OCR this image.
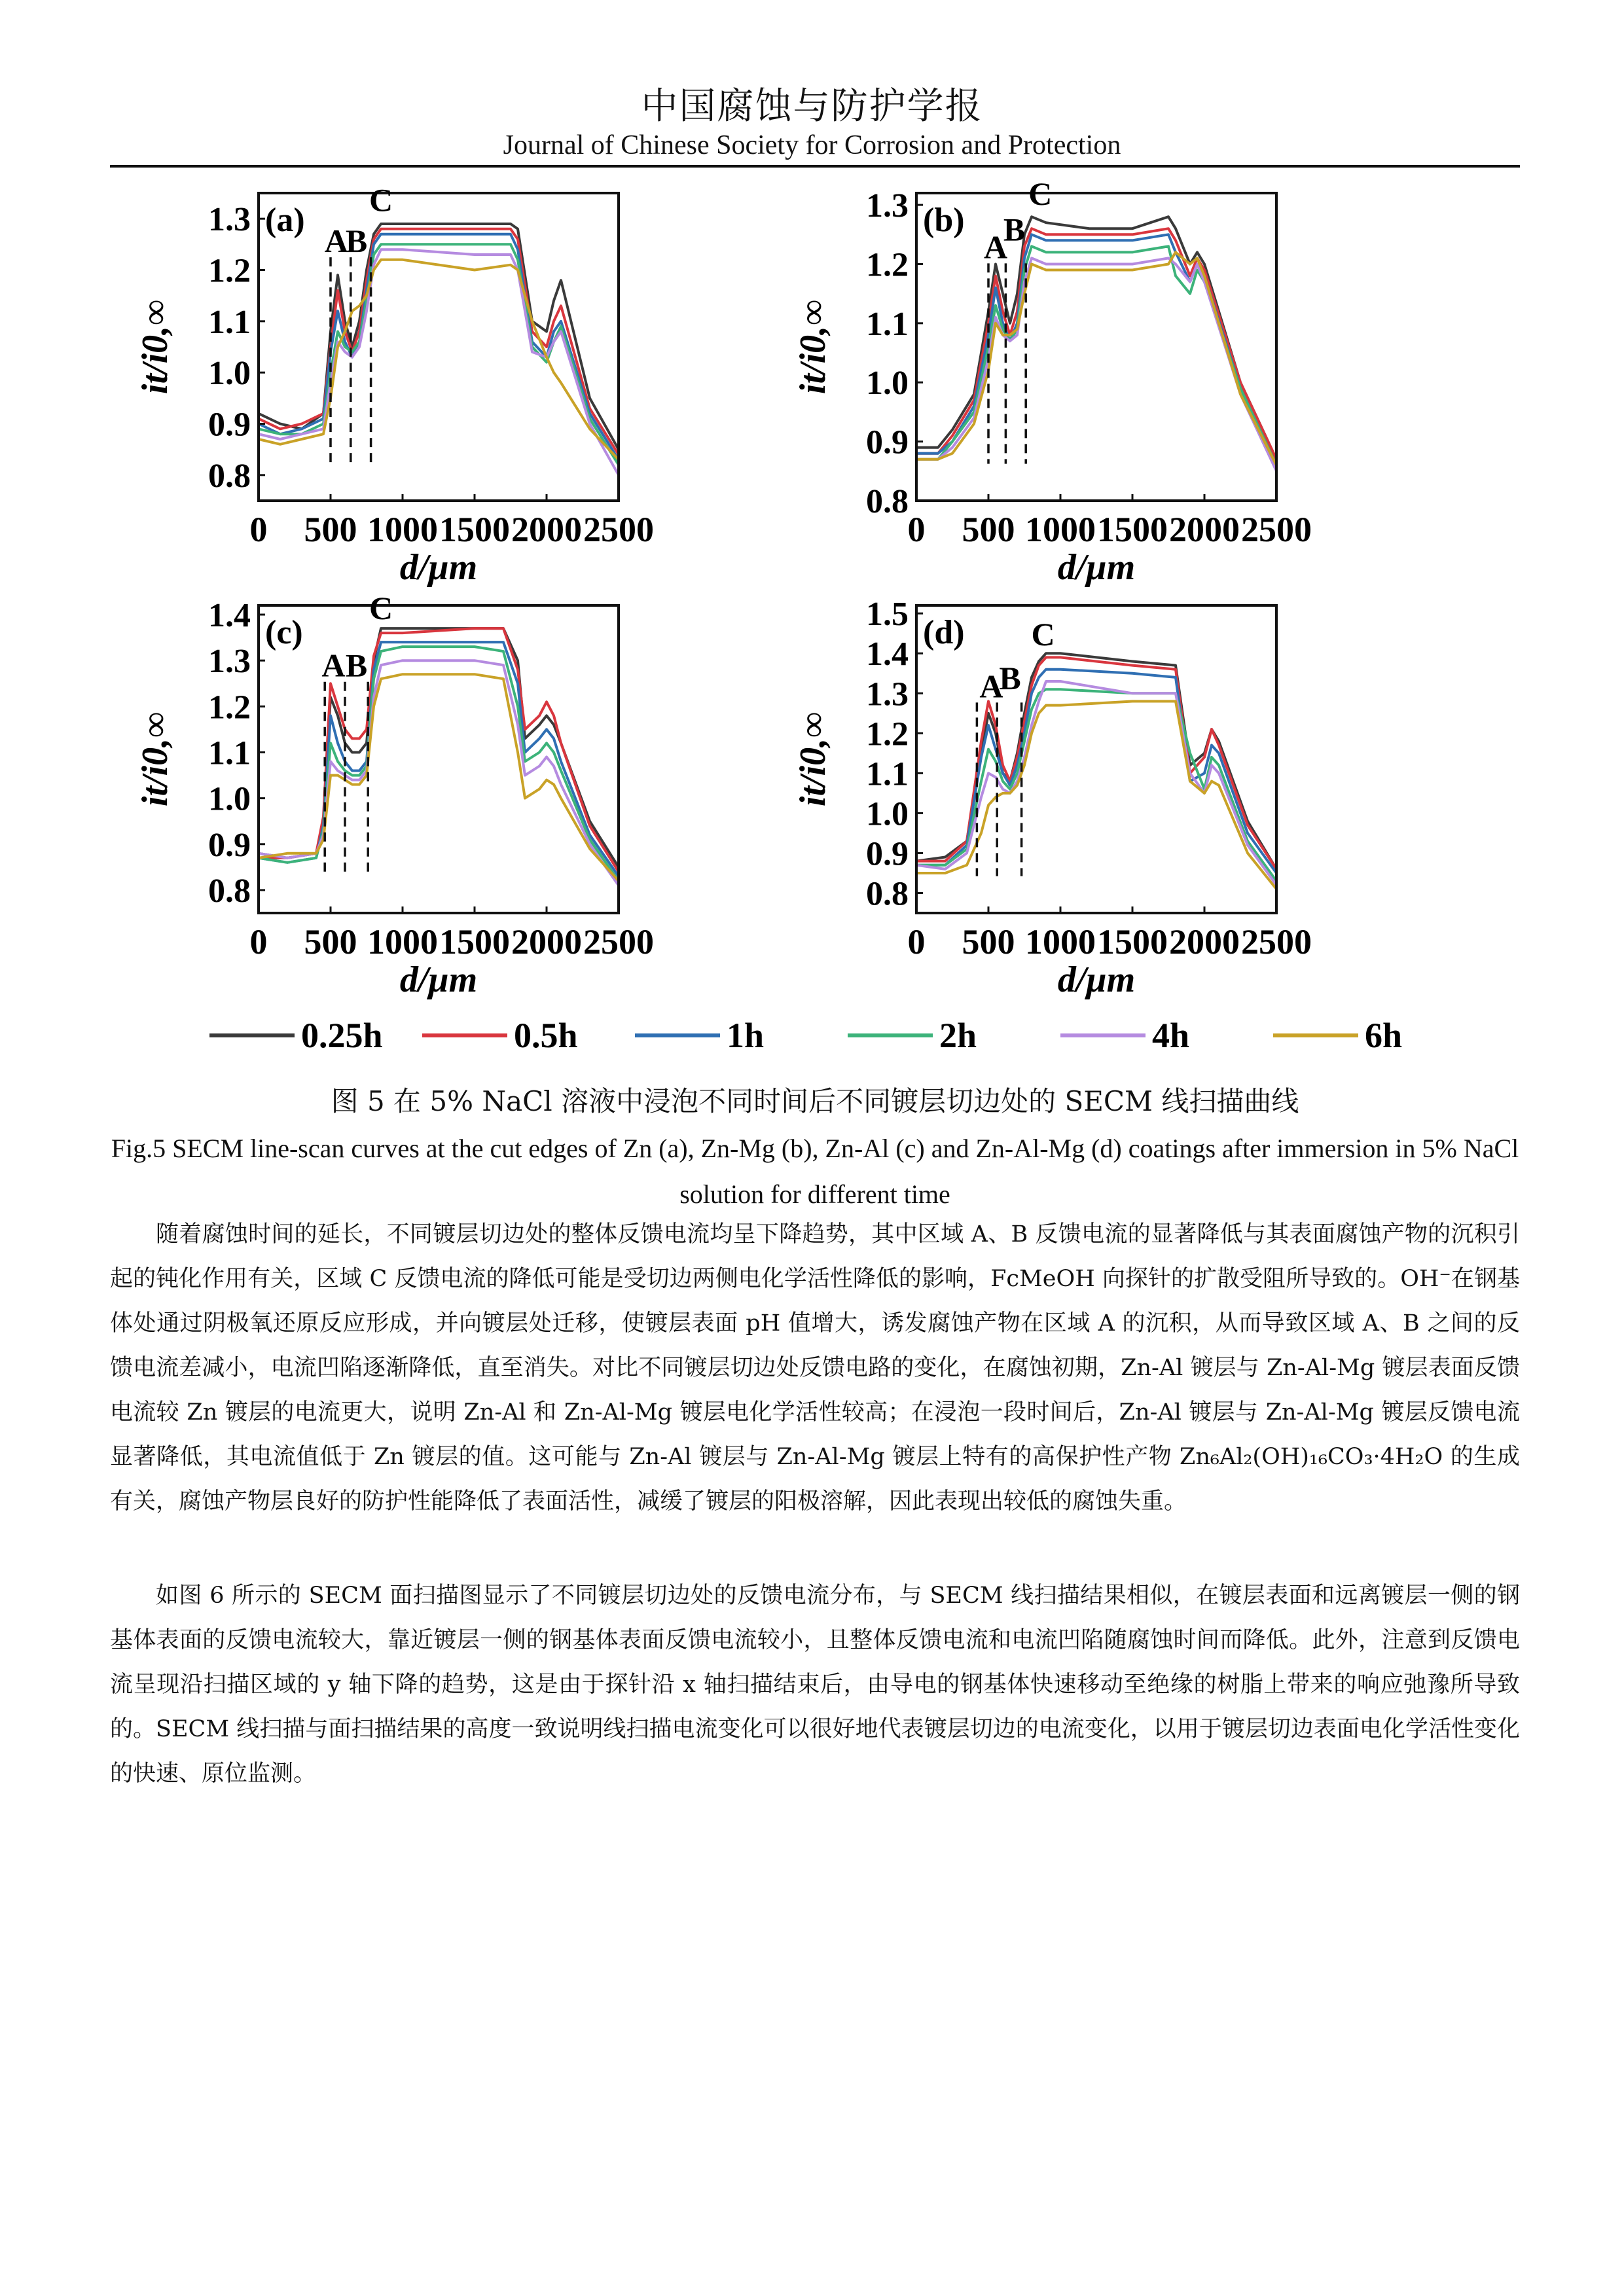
中国腐蚀与防护学报
Journal of Chinese Society for Corrosion and Protection
0 500 1000 1500 2000 2500
0.8
0.9
1.0
1.1
1.2
1.3 (a)
A
B
C
d/μm
it/i0,∞
0 500 1000 1500 2000 2500
0.8
0.9
1.0
1.1
1.2
1.3 (b)
A
B
C
d/μm
it/i0,∞
0 500 1000 1500 2000 2500
0.8
0.9
1.0
1.1
1.2
1.3
1.4 (c)
A B
C
d/μm
it/i0,∞
0 500 1000 1500 2000 2500
0.8
0.9
1.0
1.1
1.2
1.3
1.4
1.5 (d)
A
B
C
d/μm
it/i0,∞
0.25h	0.5h	1h	2h	4h	6h
图 5 在 5% NaCl 溶液中浸泡不同时间后不同镀层切边处的 SECM 线扫描曲线
Fig.5 SECM line-scan curves at the cut edges of Zn (a), Zn-Mg (b), Zn-Al (c) and Zn-Al-Mg (d) coatings after immersion in 5% NaCl solution for different time

随着腐蚀时间的延长，不同镀层切边处的整体反馈电流均呈下降趋势，其中区域 A、B 反馈电流的显著降低与其表面腐蚀产物的沉积引起的钝化作用有关，区域 C 反馈电流的降低可能是受切边两侧电化学活性降低的影响，FcMeOH 向探针的扩散受阻所导致的。OH⁻在钢基体处通过阴极氧还原反应形成，并向镀层处迁移，使镀层表面 pH 值增大，诱发腐蚀产物在区域 A 的沉积，从而导致区域 A、B 之间的反馈电流差减小，电流凹陷逐渐降低，直至消失。对比不同镀层切边处反馈电路的变化，在腐蚀初期，Zn-Al 镀层与 Zn-Al-Mg 镀层表面反馈电流较 Zn 镀层的电流更大，说明 Zn-Al 和 Zn-Al-Mg 镀层电化学活性较高；在浸泡一段时间后，Zn-Al 镀层与 Zn-Al-Mg 镀层反馈电流显著降低，其电流值低于 Zn 镀层的值。这可能与 Zn-Al 镀层与 Zn-Al-Mg 镀层上特有的高保护性产物 Zn₆Al₂(OH)₁₆CO₃·4H₂O 的生成有关，腐蚀产物层良好的防护性能降低了表面活性，减缓了镀层的阳极溶解，因此表现出较低的腐蚀失重。

如图 6 所示的 SECM 面扫描图显示了不同镀层切边处的反馈电流分布，与 SECM 线扫描结果相似，在镀层表面和远离镀层一侧的钢基体表面的反馈电流较大，靠近镀层一侧的钢基体表面反馈电流较小，且整体反馈电流和电流凹陷随腐蚀时间而降低。此外，注意到反馈电流呈现沿扫描区域的 y 轴下降的趋势，这是由于探针沿 x 轴扫描结束后，由导电的钢基体快速移动至绝缘的树脂上带来的响应弛豫所导致的。SECM 线扫描与面扫描结果的高度一致说明线扫描电流变化可以很好地代表镀层切边的电流变化，以用于镀层切边表面电化学活性变化的快速、原位监测。
